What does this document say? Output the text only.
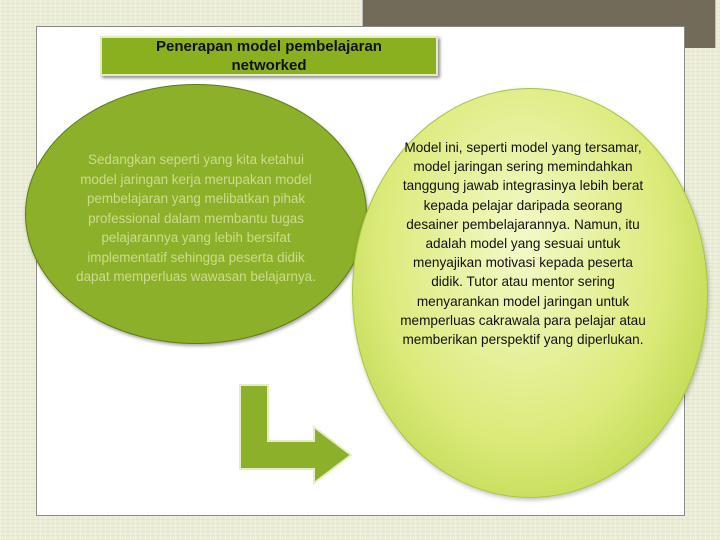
Penerapan model pembelajaran
networked
Sedangkan seperti yang kita ketahui model jaringan kerja merupakan model pembelajaran yang melibatkan pihak professional dalam membantu tugas pelajarannya yang lebih bersifat implementatif sehingga peserta didik dapat memperluas wawasan belajarnya.
Model ini, seperti model yang tersamar, model jaringan sering memindahkan tanggung jawab integrasinya lebih berat kepada pelajar daripada seorang desainer pembelajarannya. Namun, itu adalah model yang sesuai untuk menyajikan motivasi kepada peserta didik. Tutor atau mentor sering menyarankan model jaringan untuk memperluas cakrawala para pelajar atau memberikan perspektif yang diperlukan.
